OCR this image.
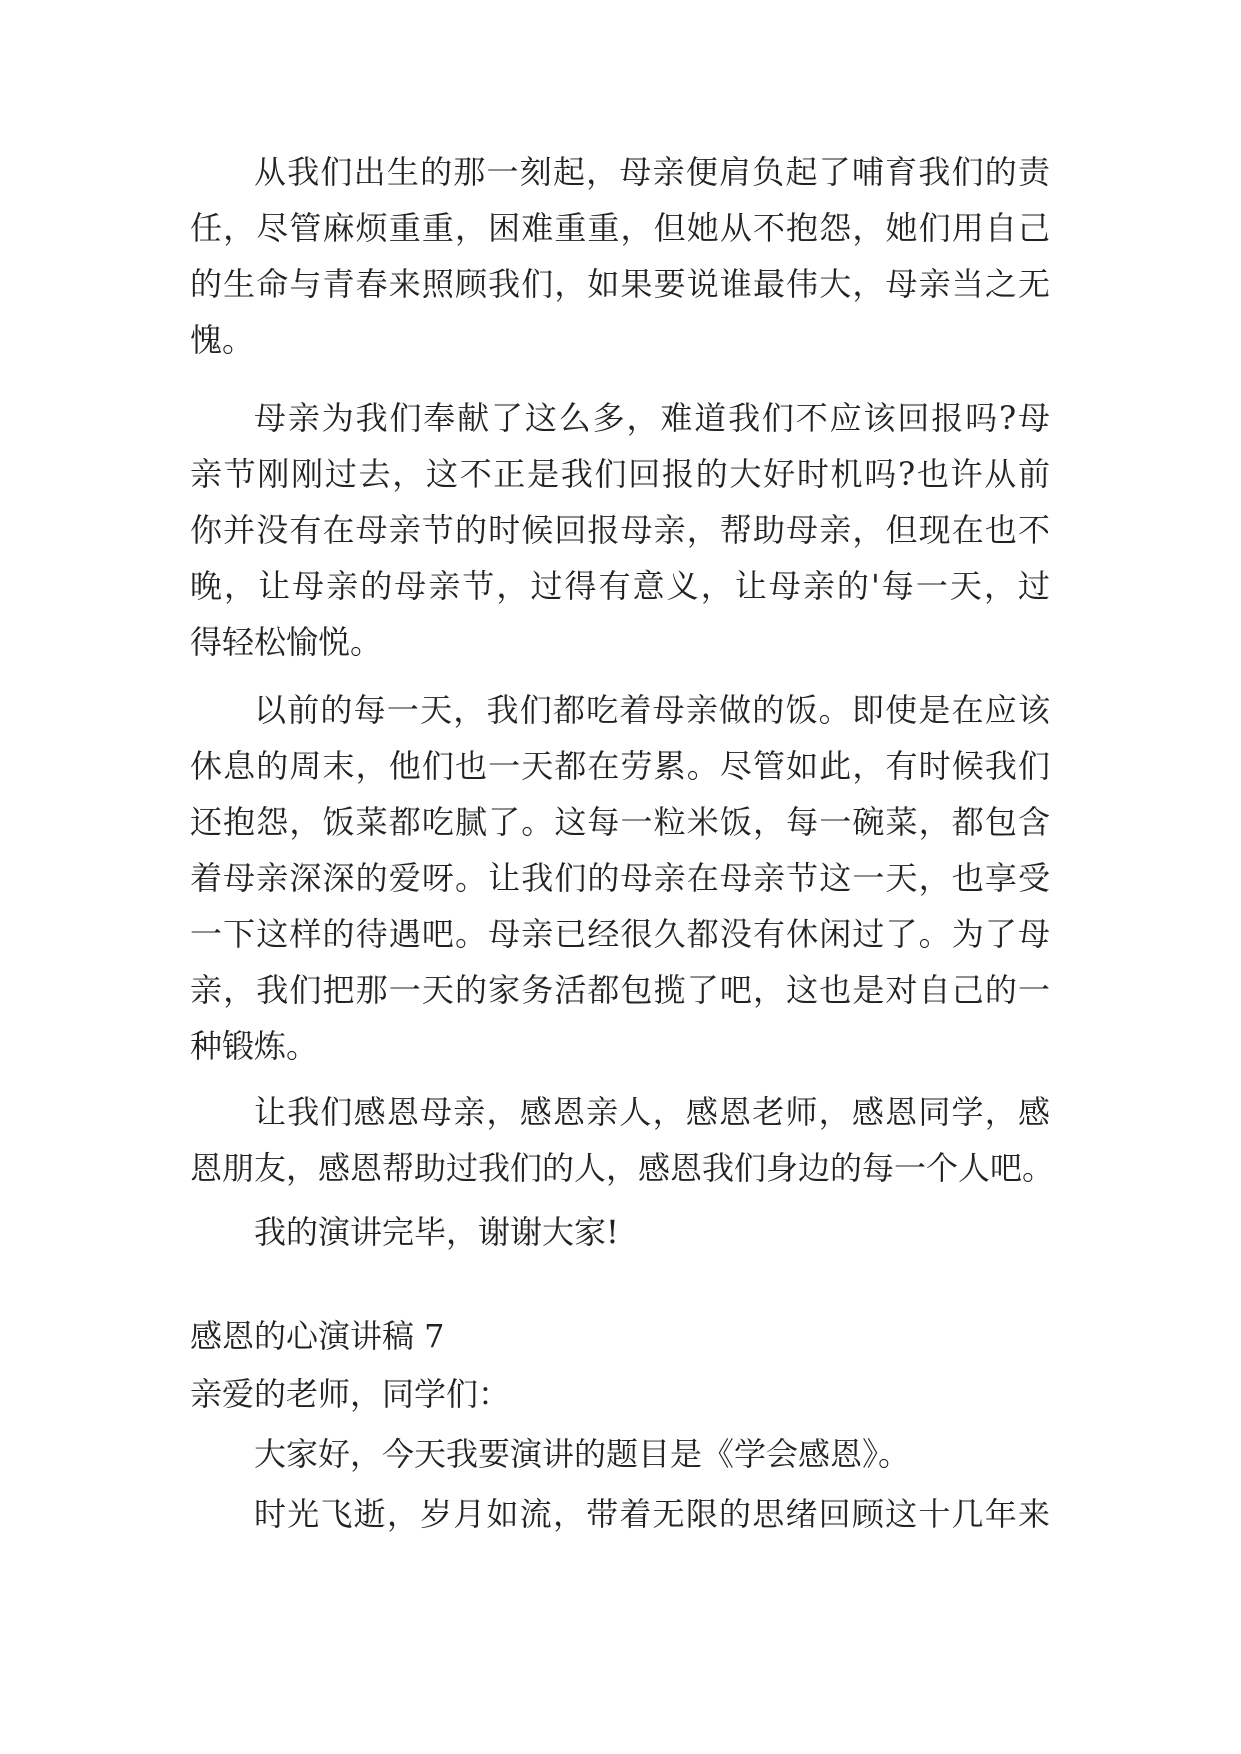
从我们出生的那一刻起，母亲便肩负起了哺育我们的责

任，尽管麻烦重重，困难重重，但她从不抱怨，她们用自己

的生命与青春来照顾我们，如果要说谁最伟大，母亲当之无

愧。

母亲为我们奉献了这么多，难道我们不应该回报吗?母

亲节刚刚过去，这不正是我们回报的大好时机吗?也许从前

你并没有在母亲节的时候回报母亲，帮助母亲，但现在也不

晚，让母亲的母亲节，过得有意义，让母亲的'每一天，过

得轻松愉悦。

以前的每一天，我们都吃着母亲做的饭。即使是在应该

休息的周末，他们也一天都在劳累。尽管如此，有时候我们

还抱怨，饭菜都吃腻了。这每一粒米饭，每一碗菜，都包含

着母亲深深的爱呀。让我们的母亲在母亲节这一天，也享受

一下这样的待遇吧。母亲已经很久都没有休闲过了。为了母

亲，我们把那一天的家务活都包揽了吧，这也是对自己的一

种锻炼。

让我们感恩母亲，感恩亲人，感恩老师，感恩同学，感

恩朋友，感恩帮助过我们的人，感恩我们身边的每一个人吧。

我的演讲完毕，谢谢大家!

感恩的心演讲稿 7

亲爱的老师，同学们：

大家好，今天我要演讲的题目是《学会感恩》。

时光飞逝，岁月如流，带着无限的思绪回顾这十几年来
